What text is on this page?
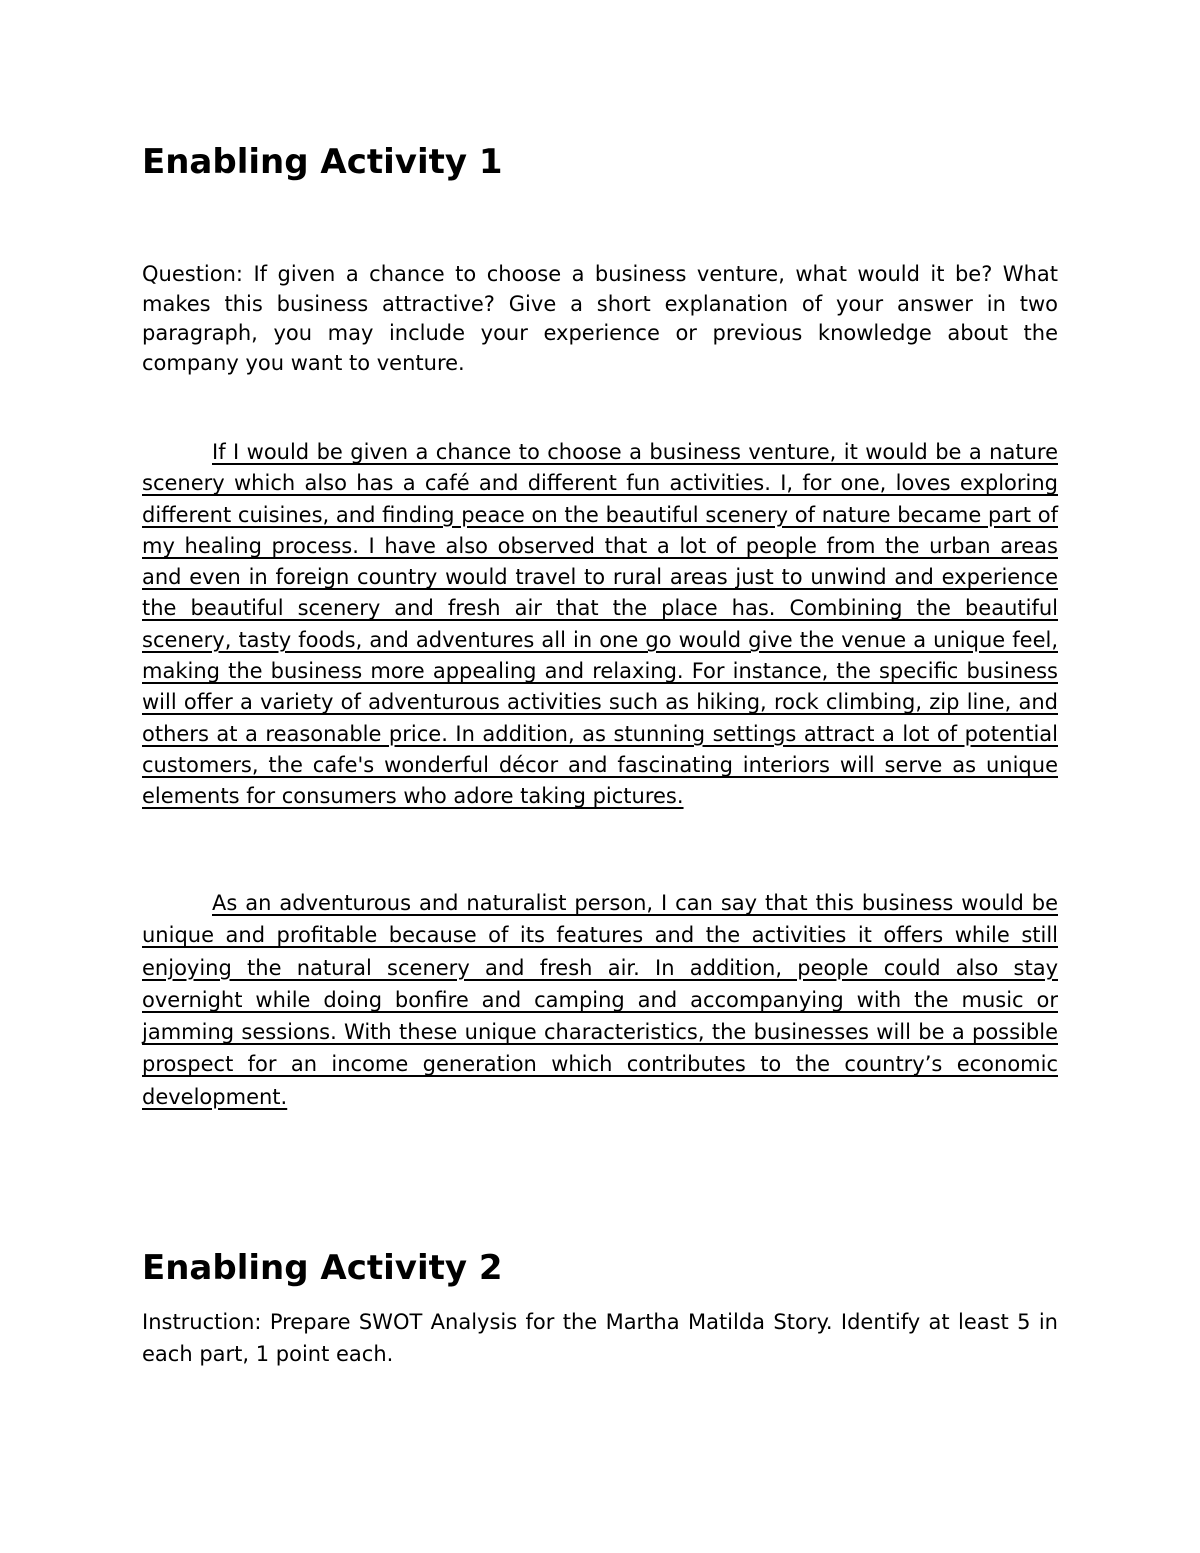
Enabling Activity 1

Question: If given a chance to choose a business venture, what would it be? What makes this business attractive? Give a short explanation of your answer in two paragraph, you may include your experience or previous knowledge about the company you want to venture.

If I would be given a chance to choose a business venture, it would be a nature scenery which also has a café and different fun activities. I, for one, loves exploring different cuisines, and finding peace on the beautiful scenery of nature became part of my healing process. I have also observed that a lot of people from the urban areas and even in foreign country would travel to rural areas just to unwind and experience the beautiful scenery and fresh air that the place has. Combining the beautiful scenery, tasty foods, and adventures all in one go would give the venue a unique feel, making the business more appealing and relaxing. For instance, the specific business will offer a variety of adventurous activities such as hiking, rock climbing, zip line, and others at a reasonable price. In addition, as stunning settings attract a lot of potential customers, the cafe's wonderful décor and fascinating interiors will serve as unique elements for consumers who adore taking pictures.

As an adventurous and naturalist person, I can say that this business would be unique and profitable because of its features and the activities it offers while still enjoying the natural scenery and fresh air. In addition, people could also stay overnight while doing bonfire and camping and accompanying with the music or jamming sessions. With these unique characteristics, the businesses will be a possible prospect for an income generation which contributes to the country’s economic development.

Enabling Activity 2

Instruction: Prepare SWOT Analysis for the Martha Matilda Story. Identify at least 5 in each part, 1 point each.
